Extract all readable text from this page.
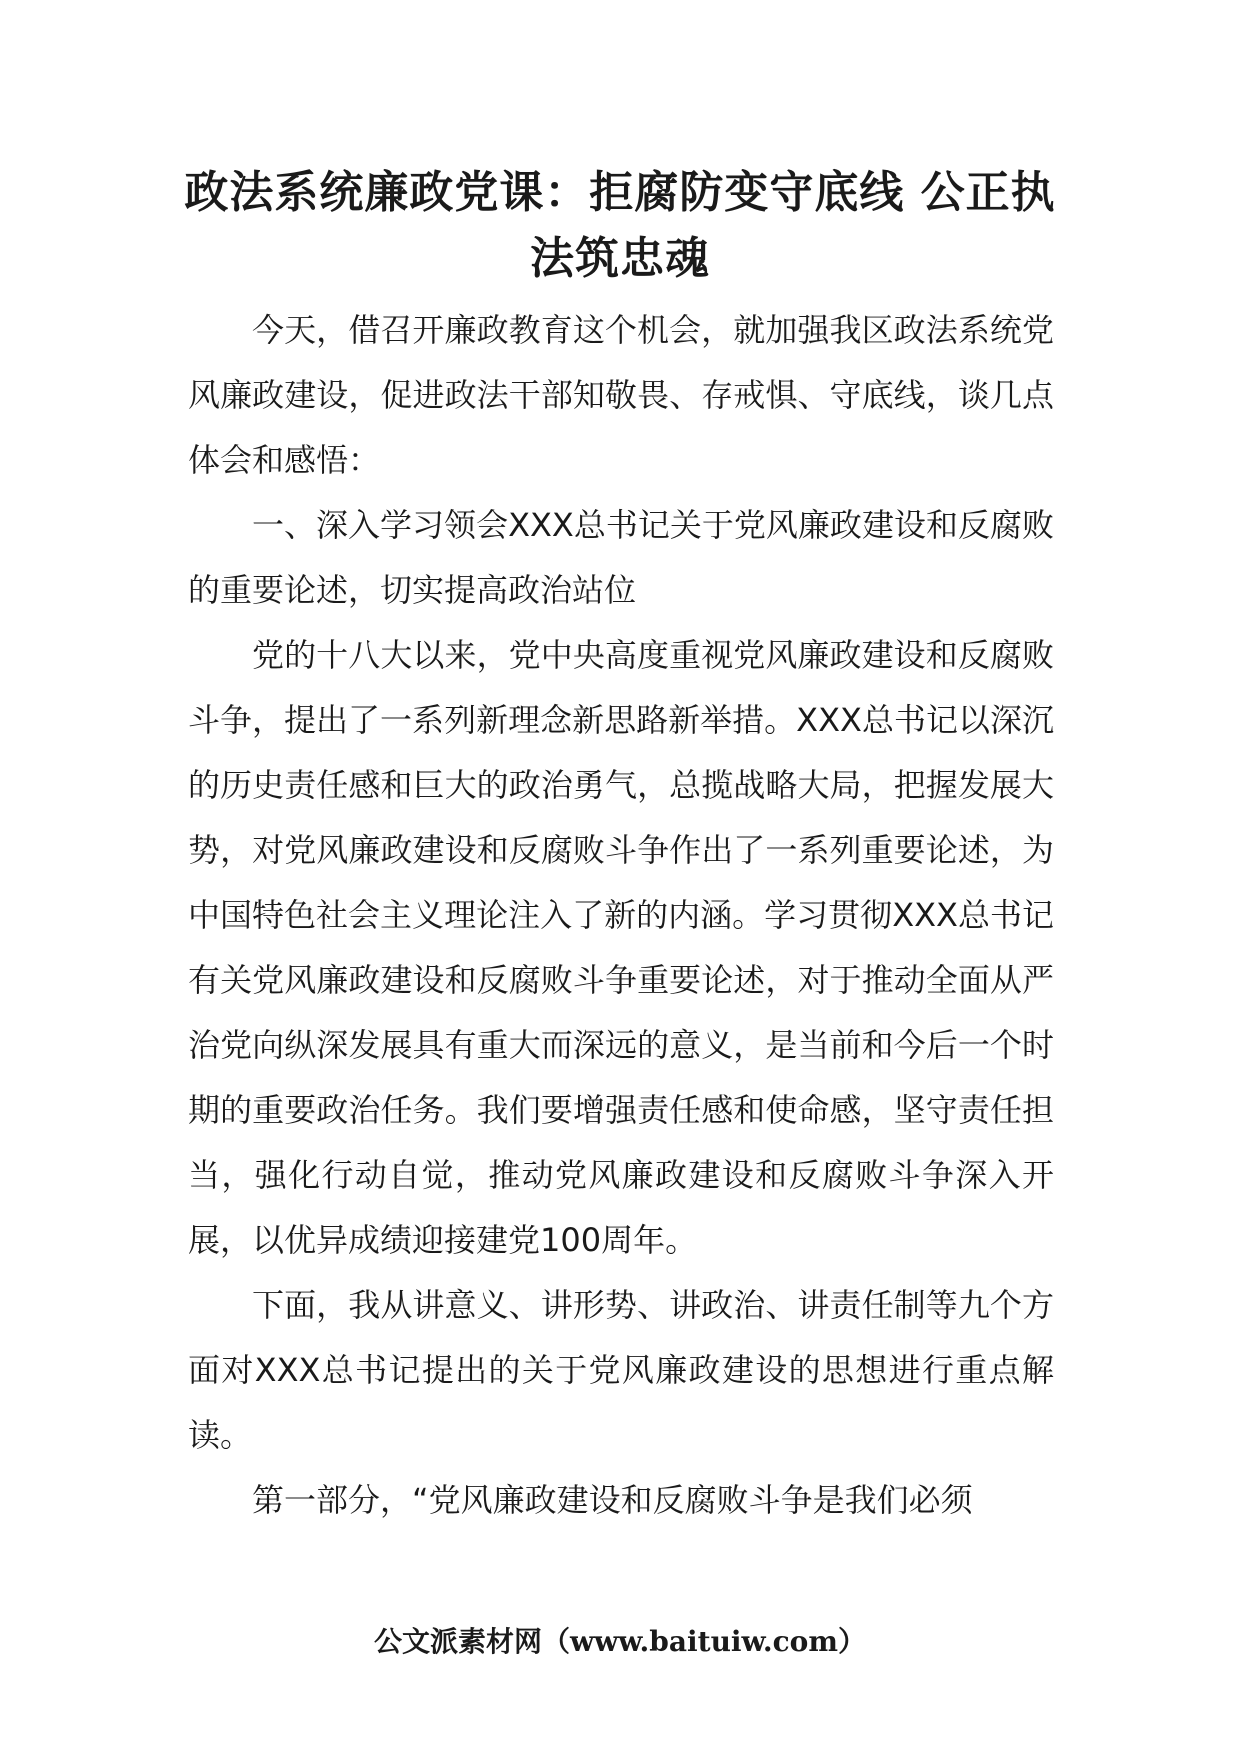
政法系统廉政党课：拒腐防变守底线 公正执法筑忠魂

今天，借召开廉政教育这个机会，就加强我区政法系统党风廉政建设，促进政法干部知敬畏、存戒惧、守底线，谈几点体会和感悟：

一、深入学习领会XXX总书记关于党风廉政建设和反腐败的重要论述，切实提高政治站位

党的十八大以来，党中央高度重视党风廉政建设和反腐败斗争，提出了一系列新理念新思路新举措。XXX总书记以深沉的历史责任感和巨大的政治勇气，总揽战略大局，把握发展大势，对党风廉政建设和反腐败斗争作出了一系列重要论述，为中国特色社会主义理论注入了新的内涵。学习贯彻XXX总书记有关党风廉政建设和反腐败斗争重要论述，对于推动全面从严治党向纵深发展具有重大而深远的意义，是当前和今后一个时期的重要政治任务。我们要增强责任感和使命感，坚守责任担当，强化行动自觉，推动党风廉政建设和反腐败斗争深入开展，以优异成绩迎接建党100周年。

下面，我从讲意义、讲形势、讲政治、讲责任制等九个方面对XXX总书记提出的关于党风廉政建设的思想进行重点解读。

第一部分，“党风廉政建设和反腐败斗争是我们必须

公文派素材网（www.baituiw.com）
